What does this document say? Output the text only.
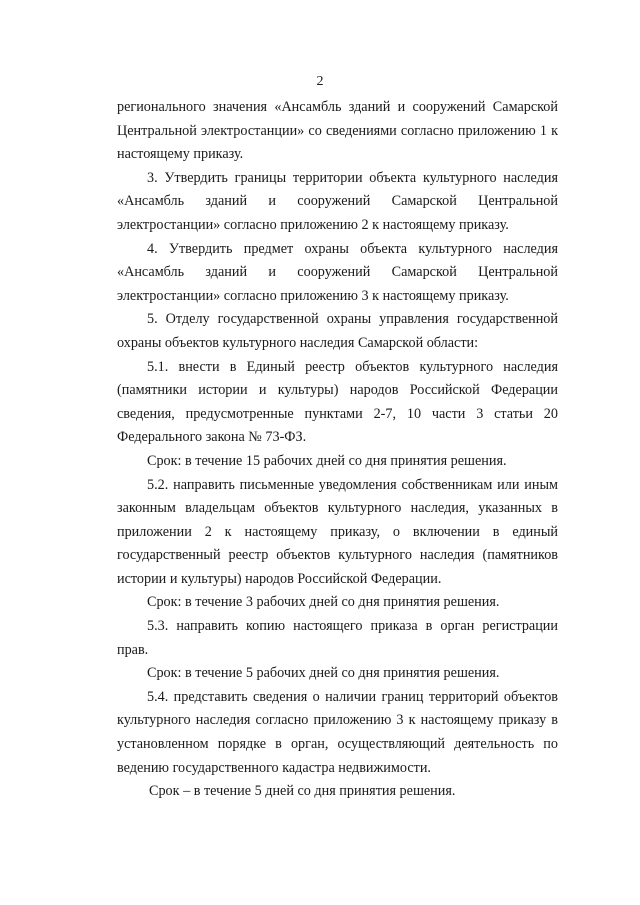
2

регионального значения «Ансамбль зданий и сооружений Самарской Центральной электростанции» со сведениями согласно приложению 1 к настоящему приказу.

3. Утвердить границы территории объекта культурного наследия «Ансамбль зданий и сооружений Самарской Центральной электростанции» согласно приложению 2 к настоящему приказу.

4. Утвердить предмет охраны объекта культурного наследия «Ансамбль зданий и сооружений Самарской Центральной электростанции» согласно приложению 3 к настоящему приказу.

5. Отделу государственной охраны управления государственной охраны объектов культурного наследия Самарской области:

5.1. внести в Единый реестр объектов культурного наследия (памятники истории и культуры) народов Российской Федерации сведения, предусмотренные пунктами 2-7, 10 части 3 статьи 20 Федерального закона № 73-ФЗ.

Срок: в течение 15 рабочих дней со дня принятия решения.

5.2. направить письменные уведомления собственникам или иным законным владельцам объектов культурного наследия, указанных в приложении 2 к настоящему приказу, о включении в единый государственный реестр объектов культурного наследия (памятников истории и культуры) народов Российской Федерации.

Срок: в течение 3 рабочих дней со дня принятия решения.

5.3. направить копию настоящего приказа в орган регистрации прав.

Срок: в течение 5 рабочих дней со дня принятия решения.

5.4. представить сведения о наличии границ территорий объектов культурного наследия согласно приложению 3 к настоящему приказу в установленном порядке в орган, осуществляющий деятельность по ведению государственного кадастра недвижимости.

Срок – в течение 5 дней со дня принятия решения.
